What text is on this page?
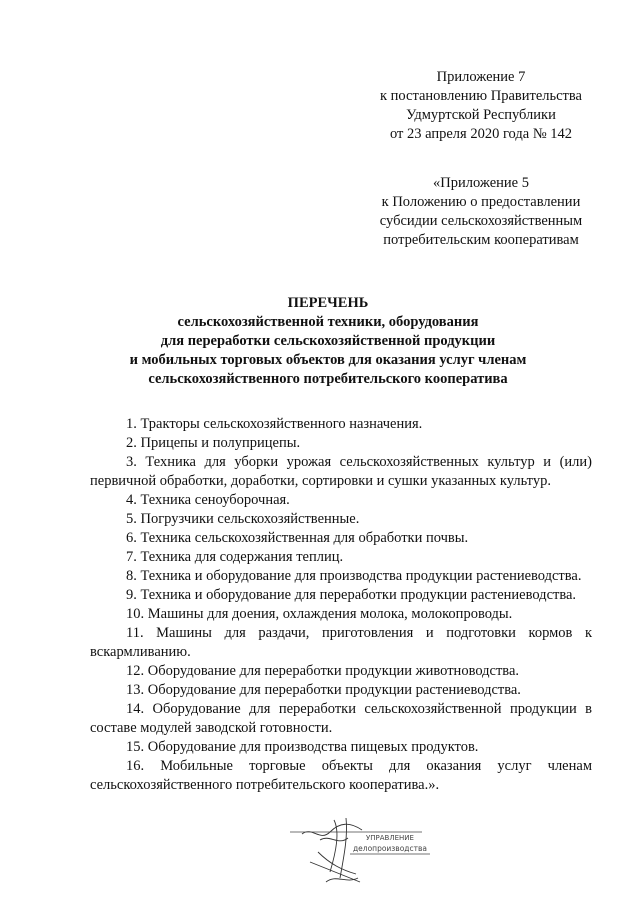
Приложение 7
к постановлению Правительства
Удмуртской Республики
от 23 апреля 2020 года № 142
«Приложение 5
к Положению о предоставлении
субсидии сельскохозяйственным
потребительским кооперативам
ПЕРЕЧЕНЬ
сельскохозяйственной техники, оборудования
для переработки сельскохозяйственной продукции
и мобильных торговых объектов для оказания услуг членам
сельскохозяйственного потребительского кооператива
1. Тракторы сельскохозяйственного назначения.
2. Прицепы и полуприцепы.
3. Техника для уборки урожая сельскохозяйственных культур и (или) первичной обработки, доработки, сортировки и сушки указанных культур.
4. Техника сеноуборочная.
5. Погрузчики сельскохозяйственные.
6. Техника сельскохозяйственная для обработки почвы.
7. Техника для содержания теплиц.
8. Техника и оборудование для производства продукции растениеводства.
9. Техника и оборудование для переработки продукции растениеводства.
10. Машины для доения, охлаждения молока, молокопроводы.
11. Машины для раздачи, приготовления и подготовки кормов к вскармливанию.
12. Оборудование для переработки продукции животноводства.
13. Оборудование для переработки продукции растениеводства.
14. Оборудование для переработки сельскохозяйственной продукции в составе модулей заводской готовности.
15. Оборудование для производства пищевых продуктов.
16. Мобильные торговые объекты для оказания услуг членам сельскохозяйственного потребительского кооператива.».
УПРАВЛЕНИЕ
делопроизводства
